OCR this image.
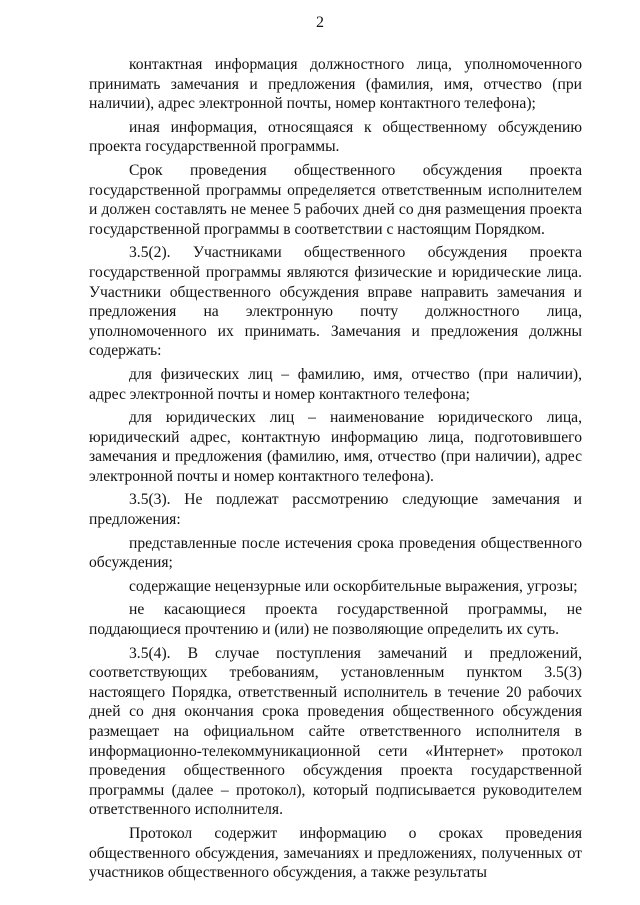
2

контактная информация должностного лица, уполномоченного принимать замечания и предложения (фамилия, имя, отчество (при наличии), адрес электронной почты, номер контактного телефона);

иная информация, относящаяся к общественному обсуждению проекта государственной программы.

Срок проведения общественного обсуждения проекта государственной программы определяется ответственным исполнителем и должен составлять не менее 5 рабочих дней со дня размещения проекта государственной программы в соответствии с настоящим Порядком.

3.5(2). Участниками общественного обсуждения проекта государственной программы являются физические и юридические лица. Участники общественного обсуждения вправе направить замечания и предложения на электронную почту должностного лица, уполномоченного их принимать. Замечания и предложения должны содержать:

для физических лиц – фамилию, имя, отчество (при наличии), адрес электронной почты и номер контактного телефона;

для юридических лиц – наименование юридического лица, юридический адрес, контактную информацию лица, подготовившего замечания и предложения (фамилию, имя, отчество (при наличии), адрес электронной почты и номер контактного телефона).

3.5(3). Не подлежат рассмотрению следующие замечания и предложения:

представленные после истечения срока проведения общественного обсуждения;

содержащие нецензурные или оскорбительные выражения, угрозы;

не касающиеся проекта государственной программы, не поддающиеся прочтению и (или) не позволяющие определить их суть.

3.5(4). В случае поступления замечаний и предложений, соответствующих требованиям, установленным пунктом 3.5(3) настоящего Порядка, ответственный исполнитель в течение 20 рабочих дней со дня окончания срока проведения общественного обсуждения размещает на официальном сайте ответственного исполнителя в информационно-телекоммуникационной сети «Интернет» протокол проведения общественного обсуждения проекта государственной программы (далее – протокол), который подписывается руководителем ответственного исполнителя.

Протокол содержит информацию о сроках проведения общественного обсуждения, замечаниях и предложениях, полученных от участников общественного обсуждения, а также результаты
